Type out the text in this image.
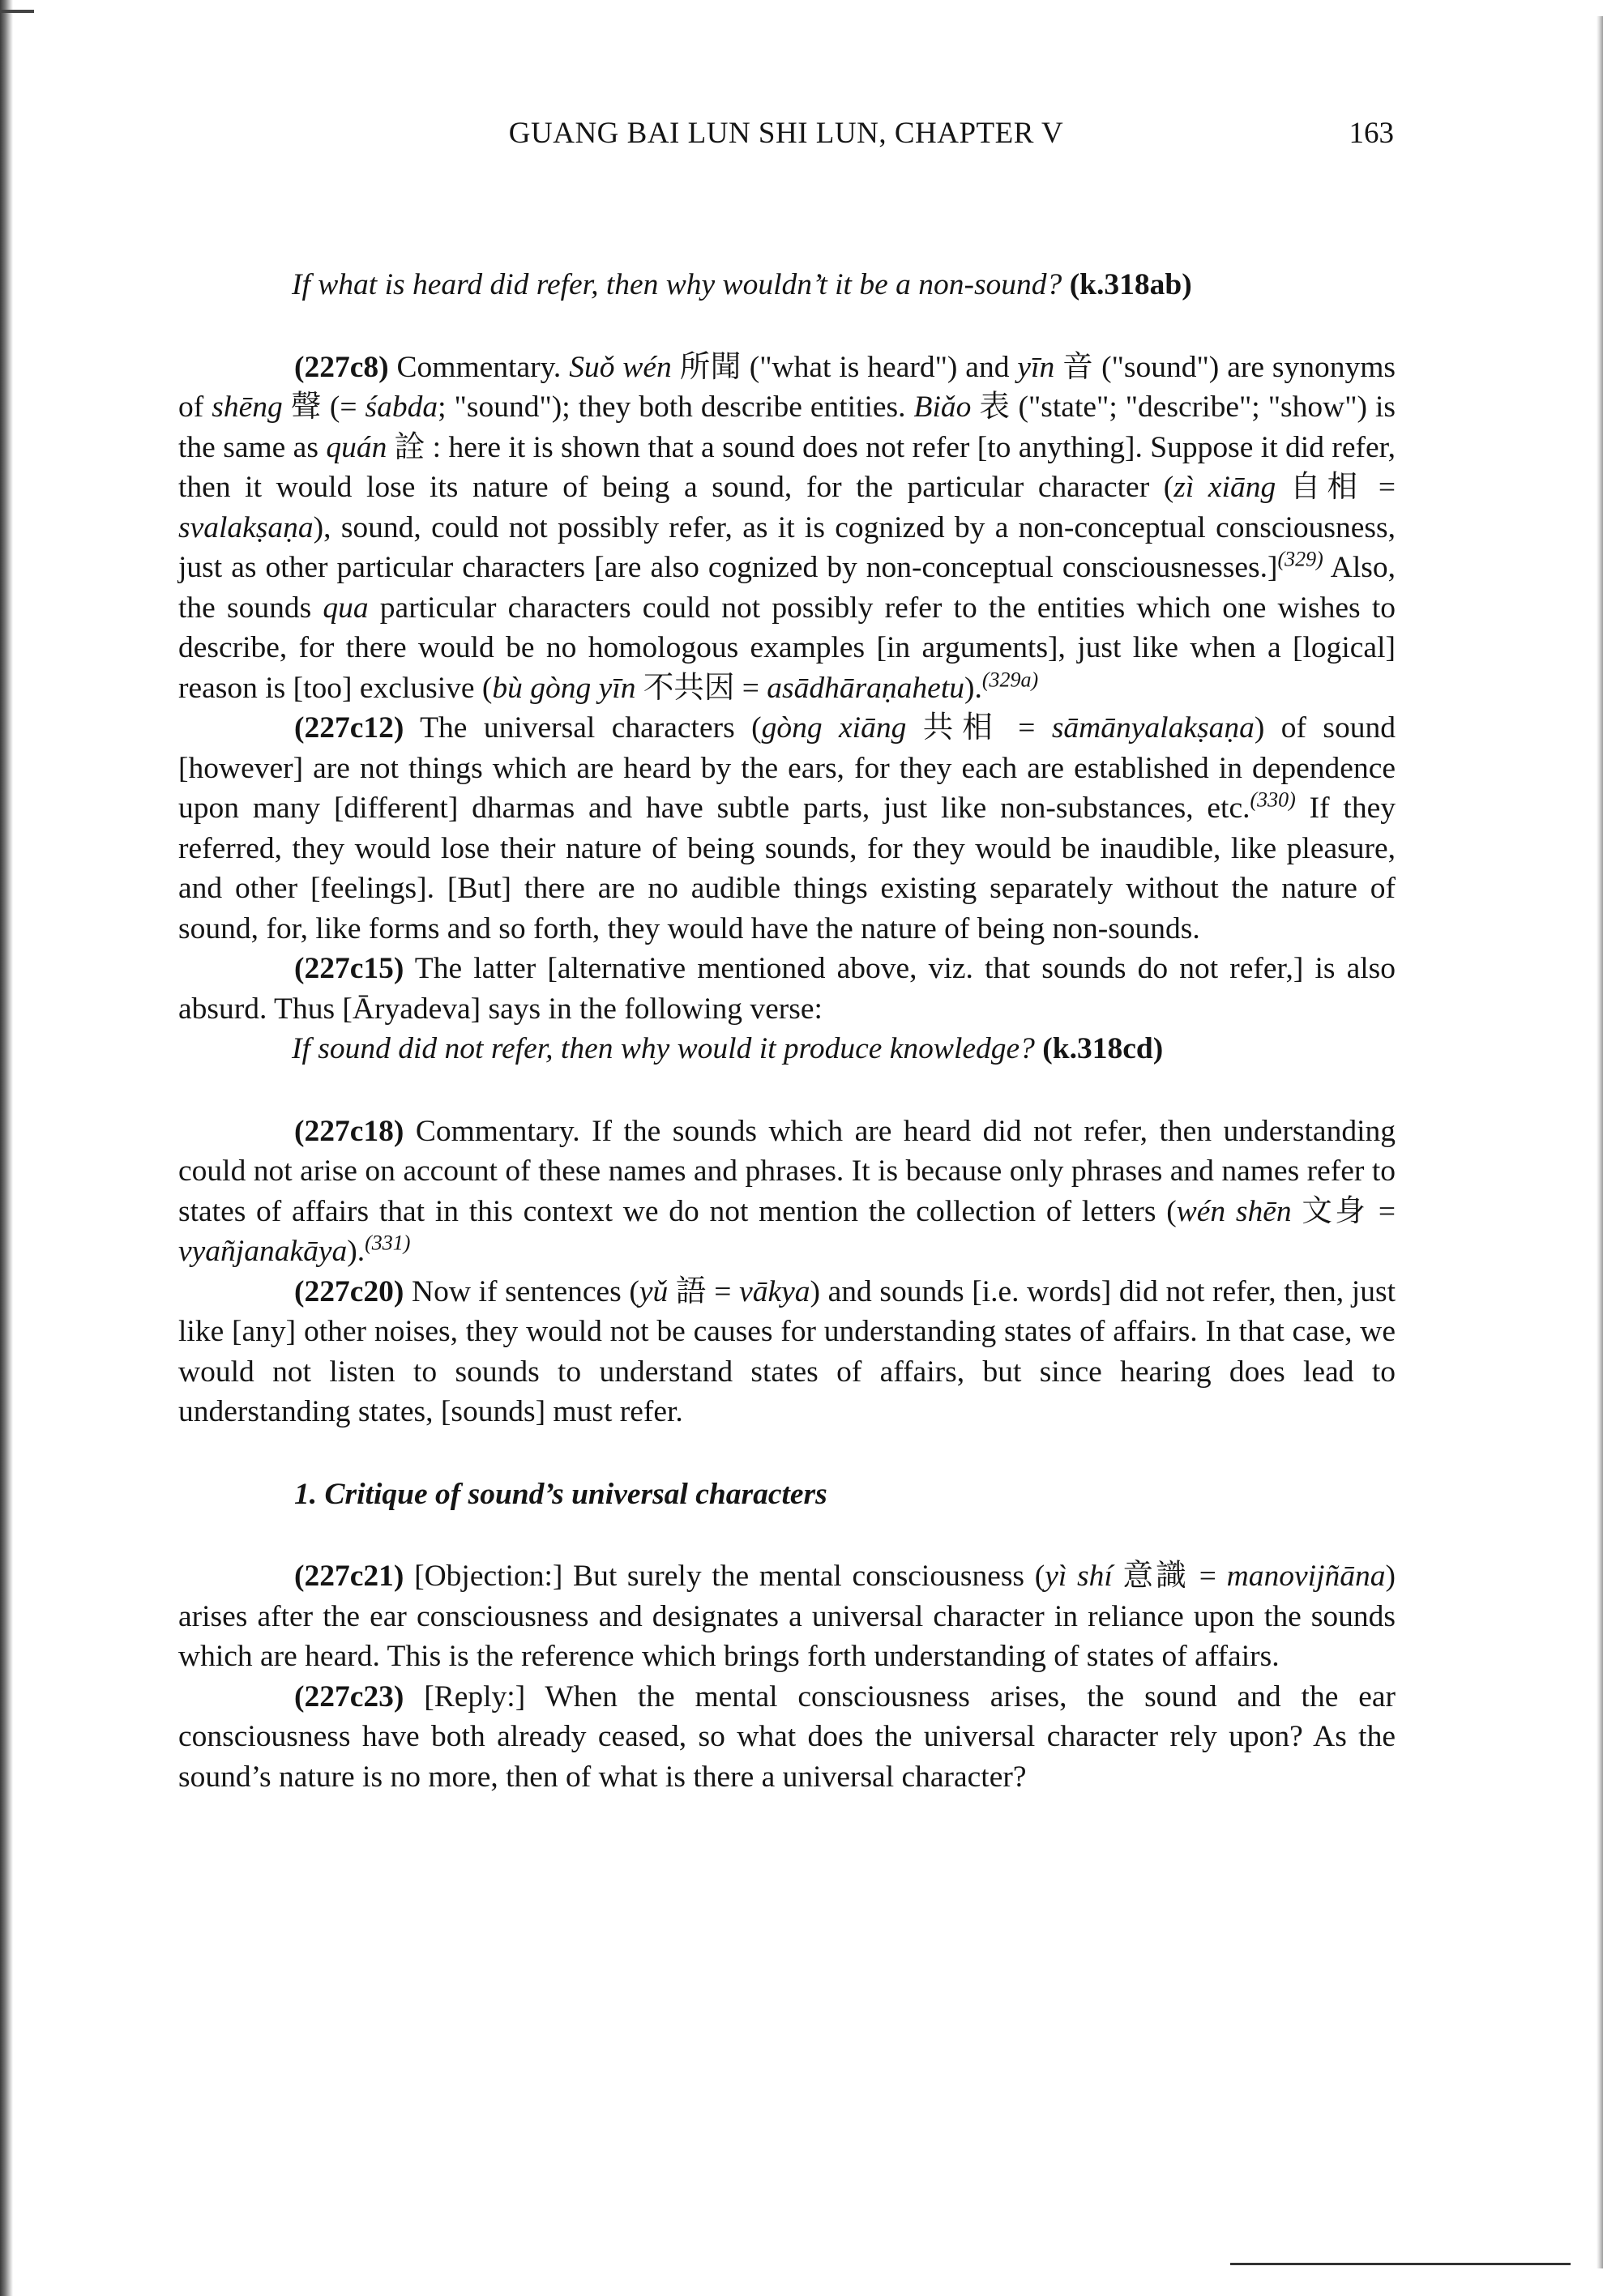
GUANG BAI LUN SHI LUN, CHAPTER V	163

If what is heard did refer, then why wouldn’t it be a non-sound? (k.318ab)

(227c8) Commentary. Suǒ wén 所聞 ("what is heard") and yīn 音 ("sound") are synonyms of shēng 聲 (= śabda; "sound"); they both describe entities. Biǎo 表 ("state"; "describe"; "show") is the same as quán 詮 : here it is shown that a sound does not refer [to anything]. Suppose it did refer, then it would lose its nature of being a sound, for the particular character (zì xiāng 自相 = svalakṣaṇa), sound, could not possibly refer, as it is cognized by a non-conceptual consciousness, just as other particular characters [are also cognized by non-conceptual consciousnesses.]$^{(329)}$ Also, the sounds qua particular characters could not possibly refer to the entities which one wishes to describe, for there would be no homologous examples [in arguments], just like when a [logical] reason is [too] exclusive (bù gòng yīn 不共因 = asādhāraṇahetu).$^{(329a)}$

(227c12) The universal characters (gòng xiāng 共相 = sāmānyalakṣaṇa) of sound [however] are not things which are heard by the ears, for they each are established in dependence upon many [different] dharmas and have subtle parts, just like non-substances, etc.$^{(330)}$ If they referred, they would lose their nature of being sounds, for they would be inaudible, like pleasure, and other [feelings]. [But] there are no audible things existing separately without the nature of sound, for, like forms and so forth, they would have the nature of being non-sounds.

(227c15) The latter [alternative mentioned above, viz. that sounds do not refer,] is also absurd. Thus [Āryadeva] says in the following verse:

If sound did not refer, then why would it produce knowledge? (k.318cd)

(227c18) Commentary. If the sounds which are heard did not refer, then understanding could not arise on account of these names and phrases. It is because only phrases and names refer to states of affairs that in this context we do not mention the collection of letters (wén shēn 文身 = vyañjanakāya).$^{(331)}$

(227c20) Now if sentences (yǔ 語 = vākya) and sounds [i.e. words] did not refer, then, just like [any] other noises, they would not be causes for understanding states of affairs. In that case, we would not listen to sounds to understand states of affairs, but since hearing does lead to understanding states, [sounds] must refer.

1. Critique of sound’s universal characters

(227c21) [Objection:] But surely the mental consciousness (yì shí 意識 = manovijñāna) arises after the ear consciousness and designates a universal character in reliance upon the sounds which are heard. This is the reference which brings forth understanding of states of affairs.

(227c23) [Reply:] When the mental consciousness arises, the sound and the ear consciousness have both already ceased, so what does the universal character rely upon? As the sound’s nature is no more, then of what is there a universal character?
